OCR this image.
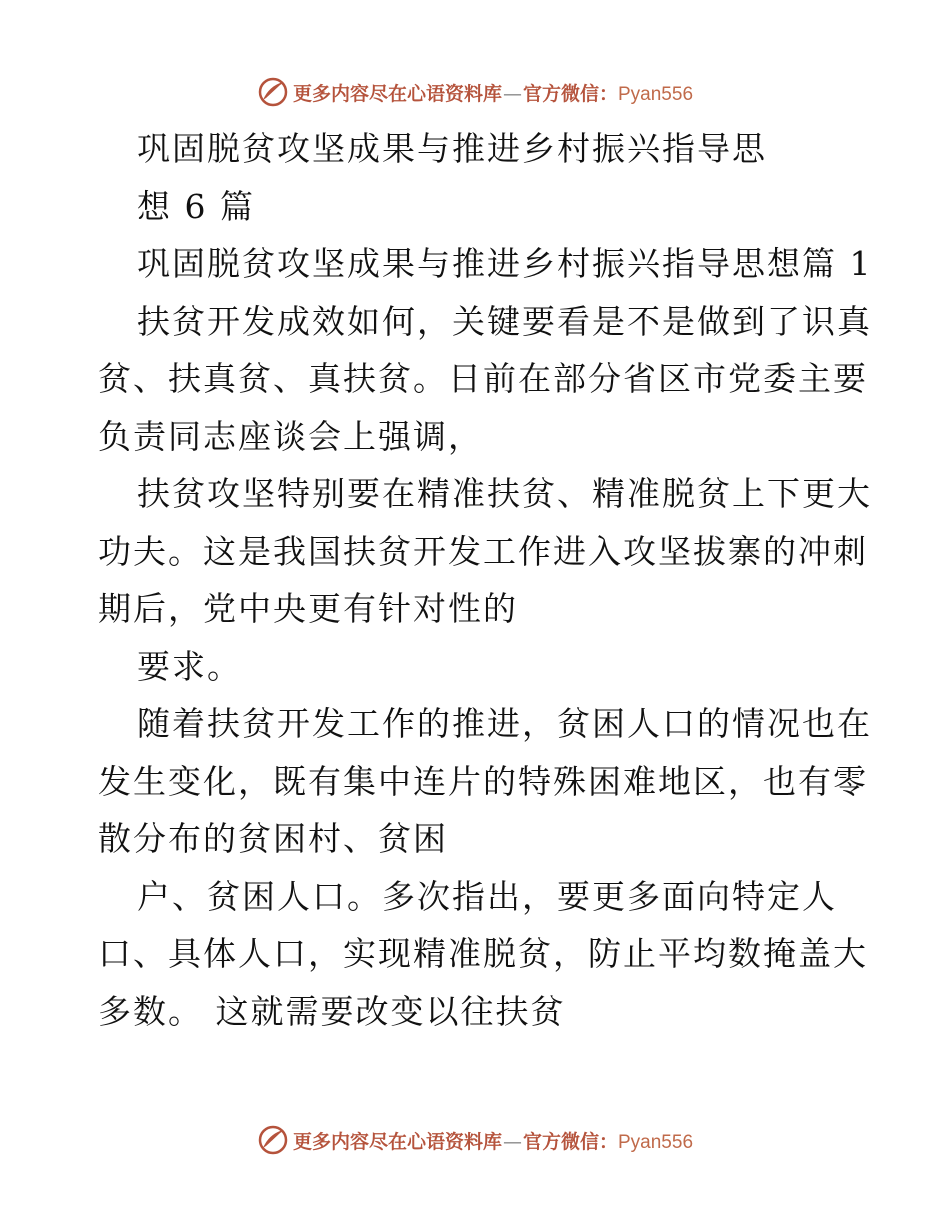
更多内容尽在心语资料库—官方微信：Pyan556
巩固脱贫攻坚成果与推进乡村振兴指导思
想 6 篇
巩固脱贫攻坚成果与推进乡村振兴指导思想篇 1
扶贫开发成效如何，关键要看是不是做到了识真
贫、扶真贫、真扶贫。日前在部分省区市党委主要
负责同志座谈会上强调，
扶贫攻坚特别要在精准扶贫、精准脱贫上下更大
功夫。这是我国扶贫开发工作进入攻坚拔寨的冲刺
期后，党中央更有针对性的
要求。
随着扶贫开发工作的推进，贫困人口的情况也在
发生变化，既有集中连片的特殊困难地区，也有零
散分布的贫困村、贫困
户、贫困人口。多次指出，要更多面向特定人
口、具体人口，实现精准脱贫，防止平均数掩盖大
多数。 这就需要改变以往扶贫
更多内容尽在心语资料库—官方微信：Pyan556
